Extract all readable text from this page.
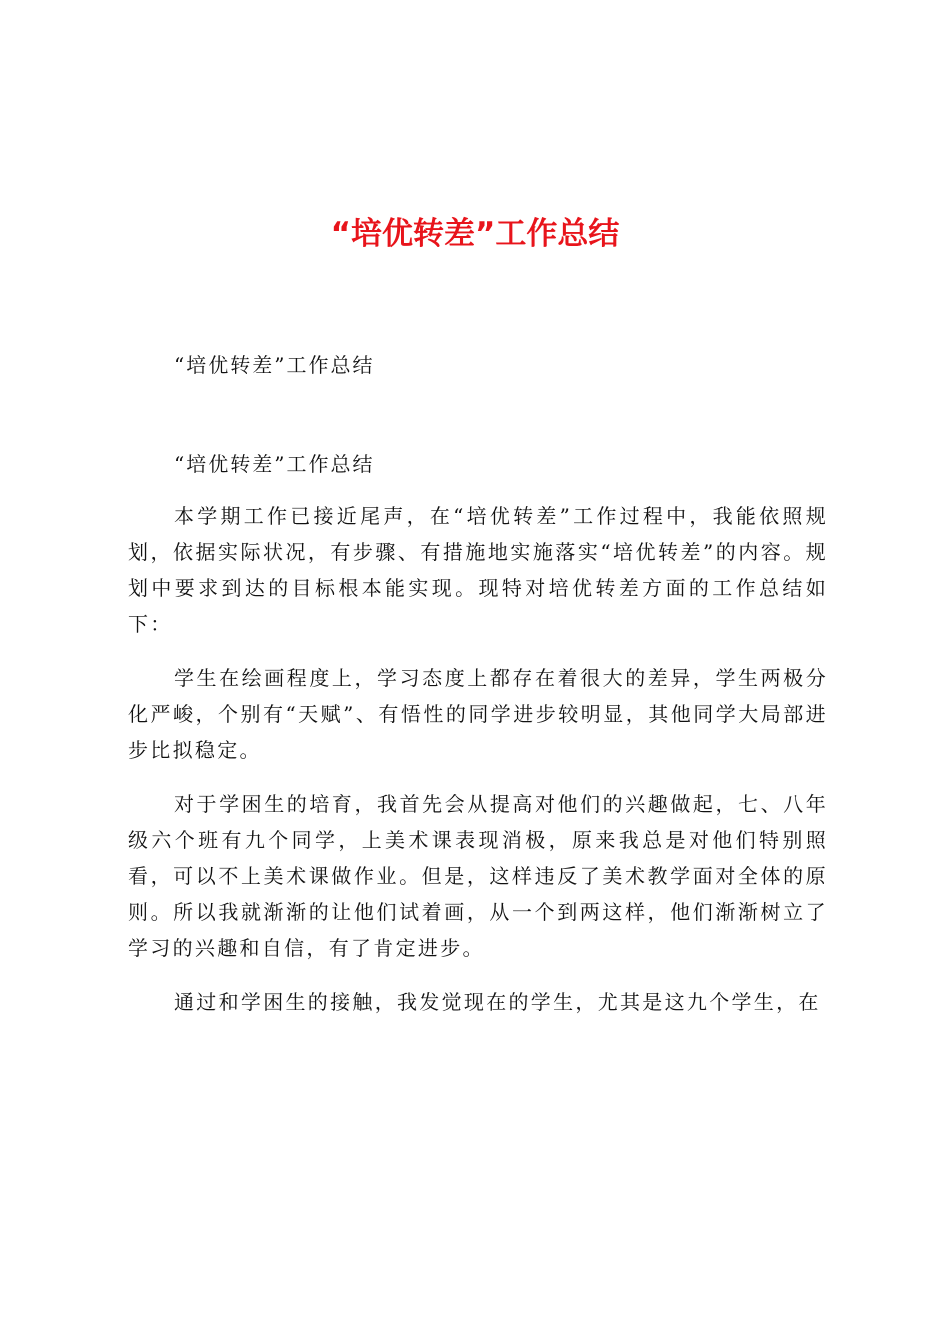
“培优转差”工作总结
“培优转差”工作总结
“培优转差”工作总结

本学期工作已接近尾声，在“培优转差”工作过程中，我能依照规划，依据实际状况，有步骤、有措施地实施落实“培优转差”的内容。规划中要求到达的目标根本能实现。现特对培优转差方面的工作总结如下：

学生在绘画程度上，学习态度上都存在着很大的差异，学生两极分化严峻，个别有“天赋”、有悟性的同学进步较明显，其他同学大局部进步比拟稳定。

对于学困生的培育，我首先会从提高对他们的兴趣做起，七、八年级六个班有九个同学，上美术课表现消极，原来我总是对他们特别照看，可以不上美术课做作业。但是，这样违反了美术教学面对全体的原则。所以我就渐渐的让他们试着画，从一个到两这样，他们渐渐树立了学习的兴趣和自信，有了肯定进步。

通过和学困生的接触，我发觉现在的学生，尤其是这九个学生，在
